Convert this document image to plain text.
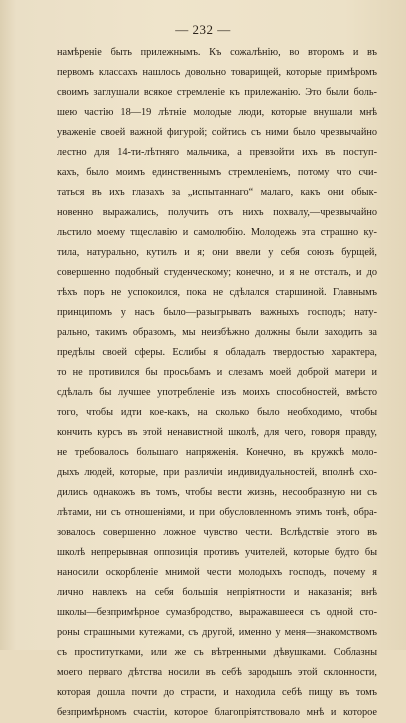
— 232 —
намѣреніе быть прилежнымъ. Къ сожалѣнію, во второмъ и въ
первомъ классахъ нашлось довольно товарищей, которые примѣромъ
своимъ заглушали всякое стремленіе къ прилежанію. Это были боль-
шею частію 18—19 лѣтніе молодые люди, которые внушали мнѣ
уваженіе своей важной фигурой; сойтись съ ними было чрезвычайно
лестно для 14-ти-лѣтняго мальчика, а превзойти ихъ въ поступ-
кахъ, было моимъ единственнымъ стремленіемъ, потому что счи-
таться въ ихъ глазахъ за „испытаннаго“ малаго, какъ они обык-
новенно выражались, получить отъ нихъ похвалу,—чрезвычайно
льстило моему тщеславію и самолюбію. Молодежь эта страшно ку-
тила, натурально, кутилъ и я; они ввели у себя союзъ бурщей,
совершенно подобный студенческому; конечно, и я не отсталъ, и до
тѣхъ поръ не успокоился, пока не сдѣлался старшиной. Главнымъ
принципомъ у насъ было—разыгрывать важныхъ господъ; нату-
рально, такимъ образомъ, мы неизбѣжно должны были заходить за
предѣлы своей сферы. Еслибы я обладалъ твердостью характера,
то не противился бы просьбамъ и слезамъ моей доброй матери и
сдѣлалъ бы лучшее употребленіе изъ моихъ способностей, вмѣсто
того, чтобы идти кое-какъ, на сколько было необходимо, чтобы
кончить курсъ въ этой ненавистной школѣ, для чего, говоря правду,
не требовалось большаго напряженія. Конечно, въ кружкѣ моло-
дыхъ людей, которые, при различіи индивидуальностей, вполнѣ схо-
дились однакожъ въ томъ, чтобы вести жизнь, несообразную ни съ
лѣтами, ни съ отношеніями, и при обусловленномъ этимъ тонѣ, обра-
зовалось совершенно ложное чувство чести. Вслѣдствіе этого въ
школѣ непрерывная оппозиція противъ учителей, которые будто бы
наносили оскорбленіе мнимой чести молодыхъ господъ, почему я
лично навлекъ на себя большія непріятности и наказанія; внѣ
школы—безпримѣрное сумазбродство, выражавшееся съ одной сто-
роны страшными кутежами, съ другой, именно у меня—знакомствомъ
съ проститутками, или же съ вѣтренными дѣвушками. Соблазны
моего перваго дѣтства носили въ себѣ зародышъ этой склонности,
которая дошла почти до страсти, и находила себѣ пищу въ томъ
безпримѣрномъ счастіи, которое благопріятствовало мнѣ и которое
